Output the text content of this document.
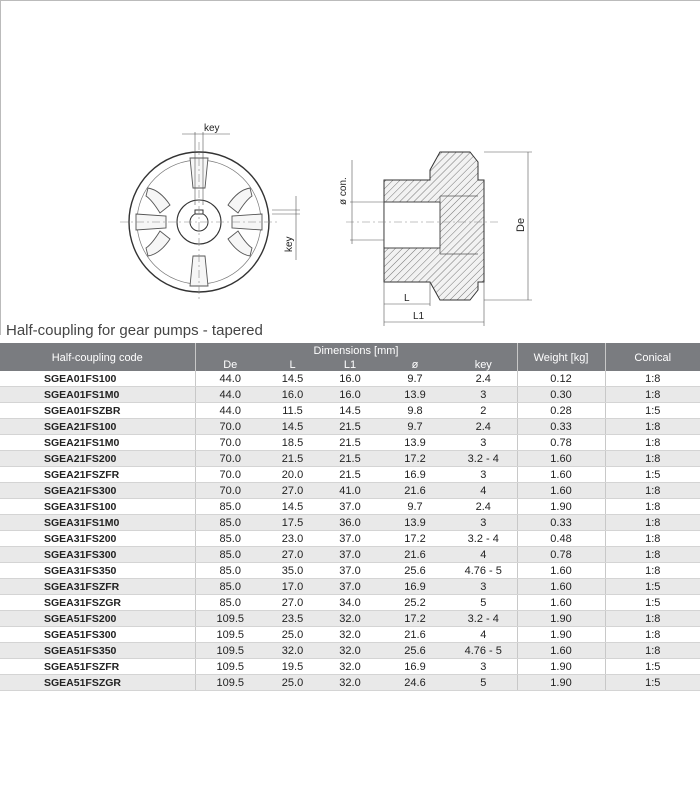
key
key
ø con.
De
L
L1
Half-coupling for gear pumps - tapered
Half-coupling code	Dimensions [mm]					Weight [kg]	Conical
	De	L	L1	ø	key		
SGEA01FS100	44.0	14.5	16.0	9.7	2.4	0.12	1:8
SGEA01FS1M0	44.0	16.0	16.0	13.9	3	0.30	1:8
SGEA01FSZBR	44.0	11.5	14.5	9.8	2	0.28	1:5
SGEA21FS100	70.0	14.5	21.5	9.7	2.4	0.33	1:8
SGEA21FS1M0	70.0	18.5	21.5	13.9	3	0.78	1:8
SGEA21FS200	70.0	21.5	21.5	17.2	3.2 - 4	1.60	1:8
SGEA21FSZFR	70.0	20.0	21.5	16.9	3	1.60	1:5
SGEA21FS300	70.0	27.0	41.0	21.6	4	1.60	1:8
SGEA31FS100	85.0	14.5	37.0	9.7	2.4	1.90	1:8
SGEA31FS1M0	85.0	17.5	36.0	13.9	3	0.33	1:8
SGEA31FS200	85.0	23.0	37.0	17.2	3.2 - 4	0.48	1:8
SGEA31FS300	85.0	27.0	37.0	21.6	4	0.78	1:8
SGEA31FS350	85.0	35.0	37.0	25.6	4.76 - 5	1.60	1:8
SGEA31FSZFR	85.0	17.0	37.0	16.9	3	1.60	1:5
SGEA31FSZGR	85.0	27.0	34.0	25.2	5	1.60	1:5
SGEA51FS200	109.5	23.5	32.0	17.2	3.2 - 4	1.90	1:8
SGEA51FS300	109.5	25.0	32.0	21.6	4	1.90	1:8
SGEA51FS350	109.5	32.0	32.0	25.6	4.76 - 5	1.60	1:8
SGEA51FSZFR	109.5	19.5	32.0	16.9	3	1.90	1:5
SGEA51FSZGR	109.5	25.0	32.0	24.6	5	1.90	1:5
